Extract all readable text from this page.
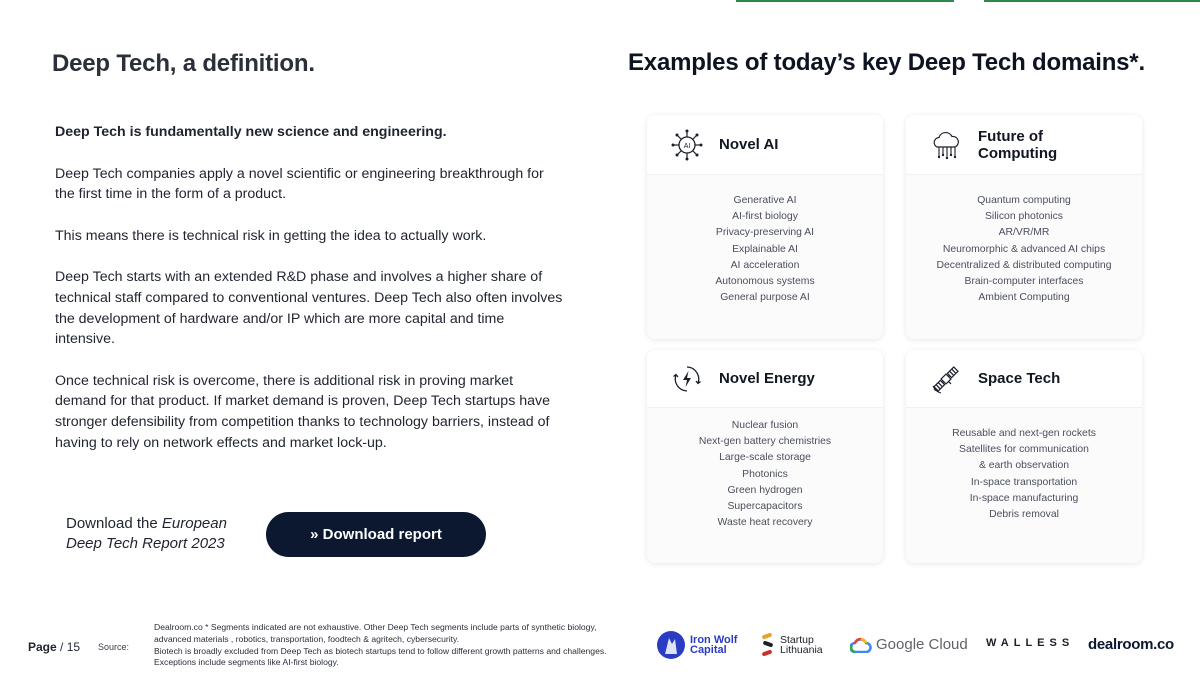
Deep Tech, a definition.
Deep Tech is fundamentally new science and engineering.

Deep Tech companies apply a novel scientific or engineering breakthrough for the first time in the form of a product.

This means there is technical risk in getting the idea to actually work.

Deep Tech starts with an extended R&D phase and involves a higher share of technical staff compared to conventional ventures. Deep Tech also often involves the development of hardware and/or IP which are more capital and time intensive.

Once technical risk is overcome, there is additional risk in proving market demand for that product. If market demand is proven, Deep Tech startups have stronger defensibility from competition thanks to technology barriers, instead of having to rely on network effects and market lock-up.

Download the European
Deep Tech Report 2023
» Download report
Examples of today’s key Deep Tech domains*.
AI Novel AI
Generative AI
AI-first biology
Privacy-preserving AI
Explainable AI
AI acceleration
Autonomous systems
General purpose AI
Future of
Computing
Quantum computing
Silicon photonics
AR/VR/MR
Neuromorphic & advanced AI chips
Decentralized & distributed computing
Brain-computer interfaces
Ambient Computing
Novel Energy
Nuclear fusion
Next-gen battery chemistries
Large-scale storage
Photonics
Green hydrogen
Supercapacitors
Waste heat recovery
Space Tech
Reusable and next-gen rockets
Satellites for communication
& earth observation
In-space transportation
In-space manufacturing
Debris removal
Page / 15 Source:
Dealroom.co * Segments indicated are not exhaustive. Other Deep Tech segments include parts of synthetic biology, advanced materials , robotics, transportation, foodtech & agritech, cybersecurity.
Biotech is broadly excluded from Deep Tech as biotech startups tend to follow different growth patterns and challenges. Exceptions include segments like AI-first biology.
Iron Wolf
Capital
Startup
Lithuania	Google Cloud WALLESS dealroom.co
